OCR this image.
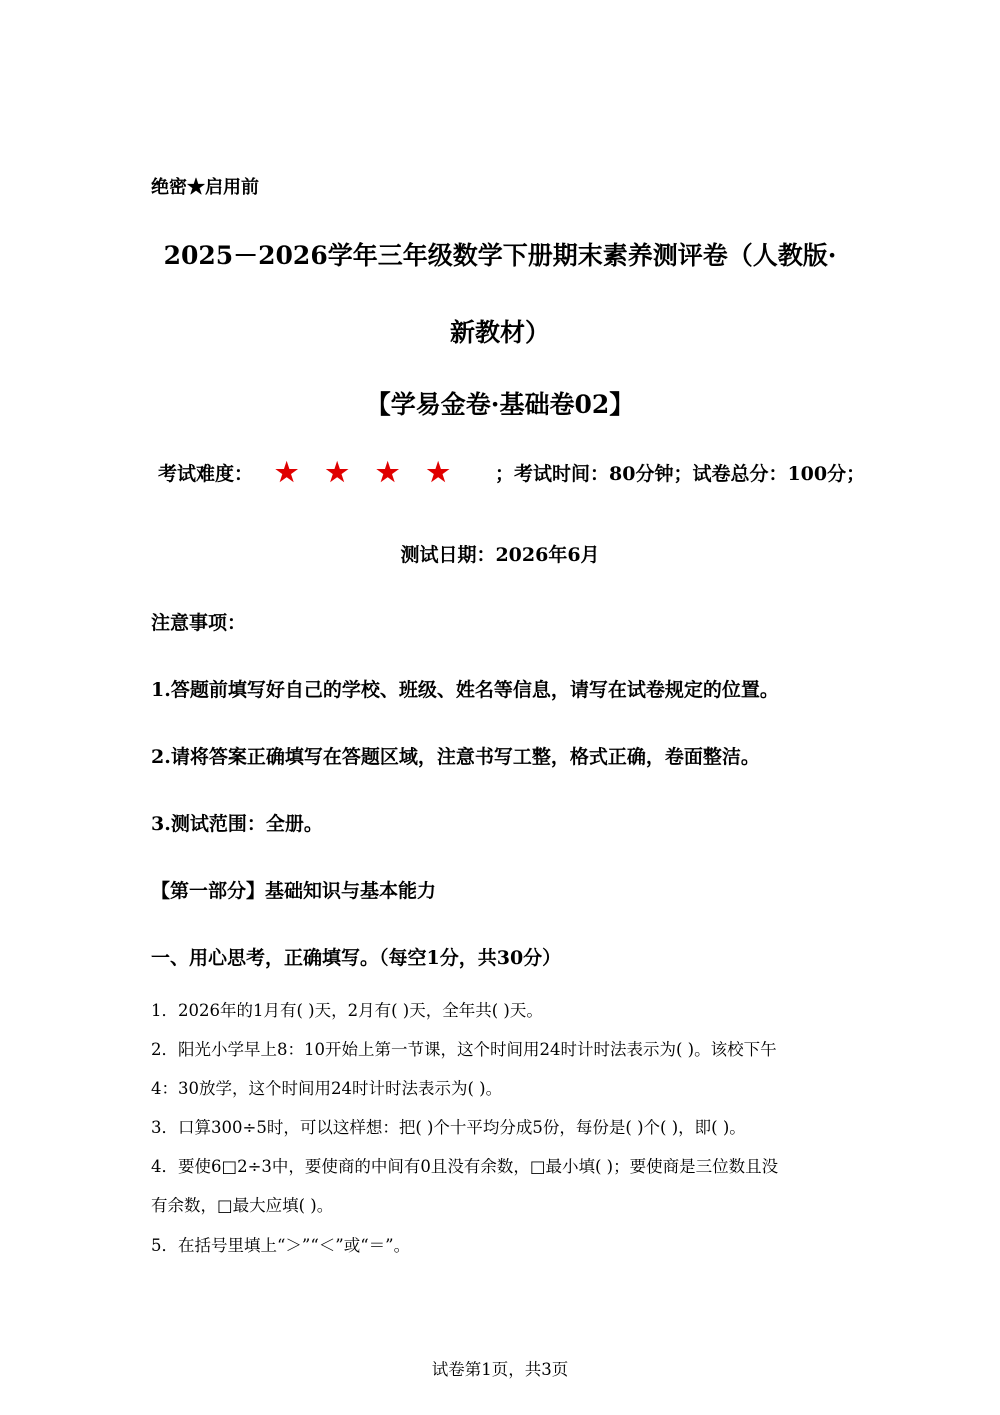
绝密★启用前
2025－2026学年三年级数学下册期末素养测评卷（人教版·
新教材）
【学易金卷·基础卷02】
考试难度： ★	★	★	★	；考试时间：80分钟；试卷总分：100分；
测试日期：2026年6月
注意事项：
1.答题前填写好自己的学校、班级、姓名等信息，请写在试卷规定的位置。
2.请将答案正确填写在答题区域，注意书写工整，格式正确，卷面整洁。
3.测试范围：全册。
【第一部分】基础知识与基本能力
一、用心思考，正确填写。（每空1分，共30分）
1．2026年的1月有( )天，2月有( )天，全年共( )天。
2．阳光小学早上8：10开始上第一节课，这个时间用24时计时法表示为( )。该校下午
4：30放学，这个时间用24时计时法表示为( )。
3．口算300÷5时，可以这样想：把( )个十平均分成5份，每份是( )个( )，即( )。
4．要使6□2÷3中，要使商的中间有0且没有余数，□最小填( )；要使商是三位数且没
有余数，□最大应填( )。
5．在括号里填上“＞”“＜”或“＝”。
试卷第1页，共3页
